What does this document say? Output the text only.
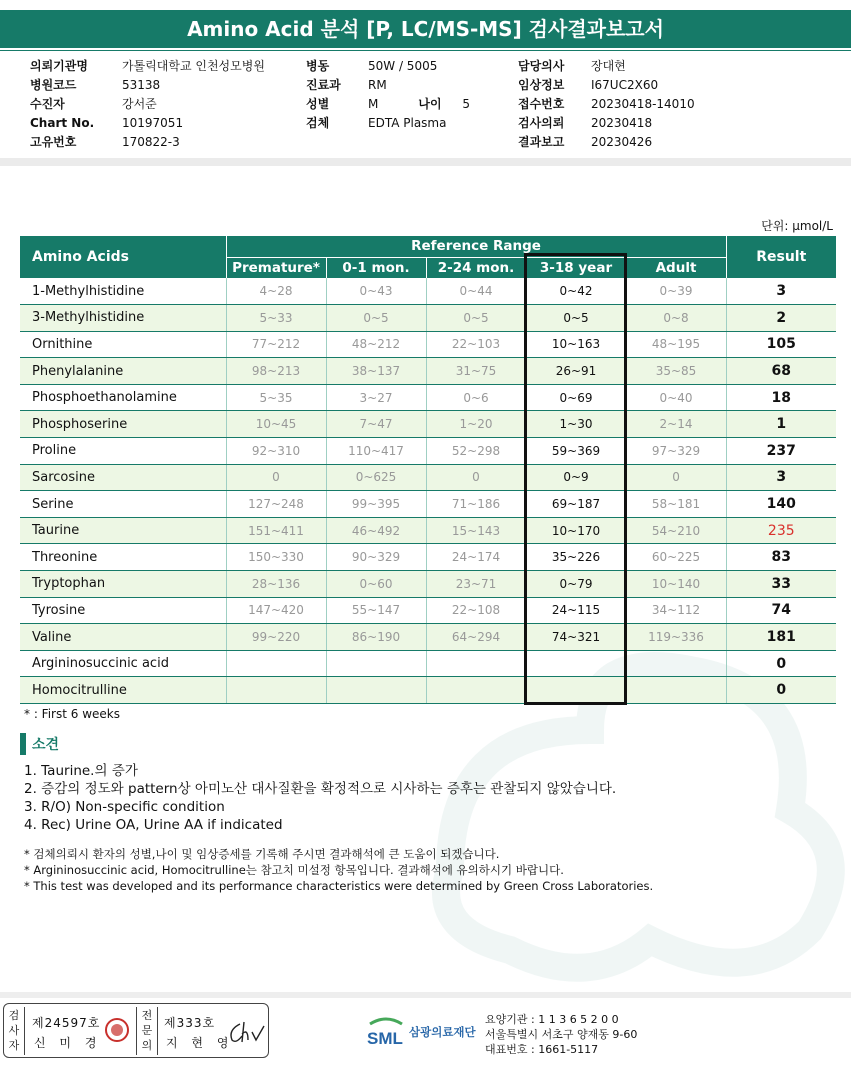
Amino Acid 분석 [P, LC/MS-MS] 검사결과보고서
의뢰기관명	가톨릭대학교 인천성모병원
병원코드	53138
수진자	강서준
Chart No.	10197051
고유번호	170822-3
병동	50W / 5005
진료과	RM
성별	M	나이	5
검체	EDTA Plasma
담당의사	장대현
임상정보	I67UC2X60
접수번호	20230418-14010
검사의뢰	20230418
결과보고	20230426
단위: μmol/L
Amino Acids	Reference Range					Result
	Premature*	0-1 mon.	2-24 mon.	3-18 year	Adult	
1-Methylhistidine	4~28	0~43	0~44	0~42	0~39	3
3-Methylhistidine	5~33	0~5	0~5	0~5	0~8	2
Ornithine	77~212	48~212	22~103	10~163	48~195	105
Phenylalanine	98~213	38~137	31~75	26~91	35~85	68
Phosphoethanolamine	5~35	3~27	0~6	0~69	0~40	18
Phosphoserine	10~45	7~47	1~20	1~30	2~14	1
Proline	92~310	110~417	52~298	59~369	97~329	237
Sarcosine	0	0~625	0	0~9	0	3
Serine	127~248	99~395	71~186	69~187	58~181	140
Taurine	151~411	46~492	15~143	10~170	54~210	235
Threonine	150~330	90~329	24~174	35~226	60~225	83
Tryptophan	28~136	0~60	23~71	0~79	10~140	33
Tyrosine	147~420	55~147	22~108	24~115	34~112	74
Valine	99~220	86~190	64~294	74~321	119~336	181
Argininosuccinic acid						0
Homocitrulline						0
* : First 6 weeks
소견
1. Taurine.의 증가
2. 증감의 정도와 pattern상 아미노산 대사질환을 확정적으로 시사하는 증후는 관찰되지 않았습니다.
3. R/O) Non-specific condition
4. Rec) Urine OA, Urine AA if indicated
* 검체의뢰시 환자의 성별,나이 및 임상증세를 기록해 주시면 결과해석에 큰 도움이 되겠습니다.
* Argininosuccinic acid, Homocitrulline는 참고치 미설정 항목입니다. 결과해석에 유의하시기 바랍니다.
* This test was developed and its performance characteristics were determined by Green Cross Laboratories.
검
사
자
제24597호
신 미 경
전
문
의
제333호
지 현 영	SML 삼광의료재단
요양기관 : 1 1 3 6 5 2 0 0
서울특별시 서초구 양재동 9-60
대표번호 : 1661-5117
